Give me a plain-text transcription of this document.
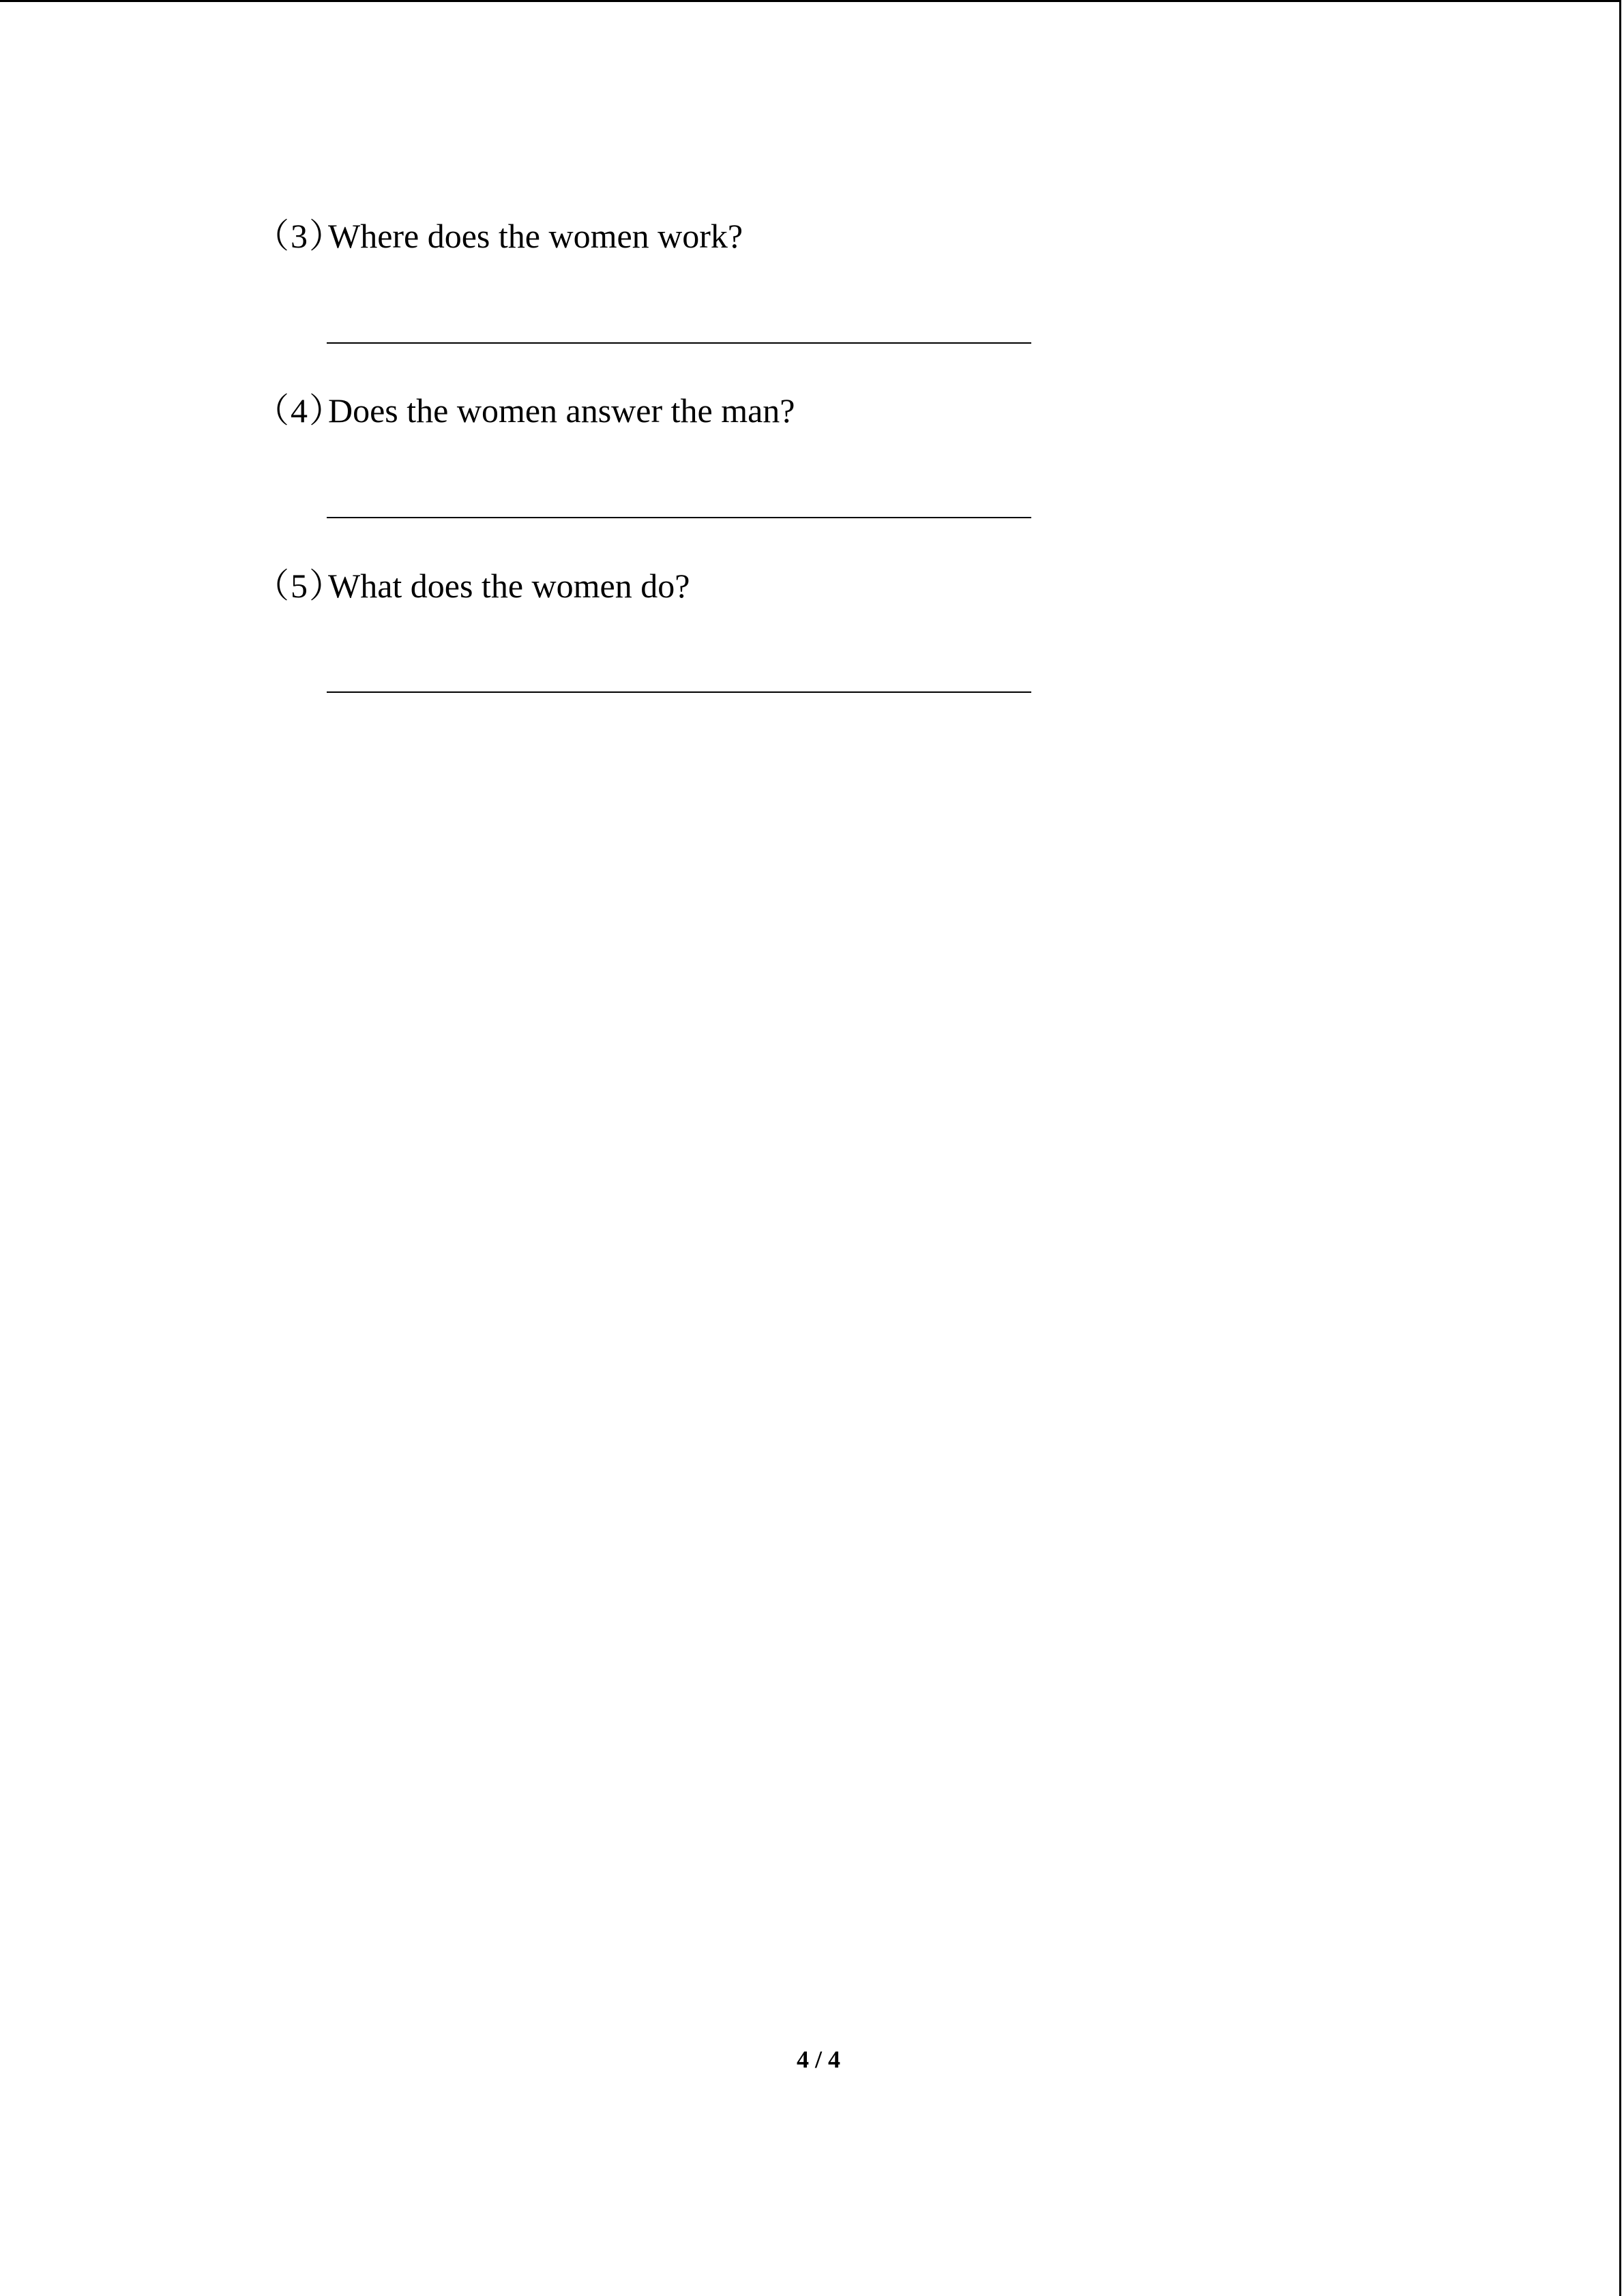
（3）Where does the women work?
（4）Does the women answer the man?
（5）What does the women do?
4 / 4
